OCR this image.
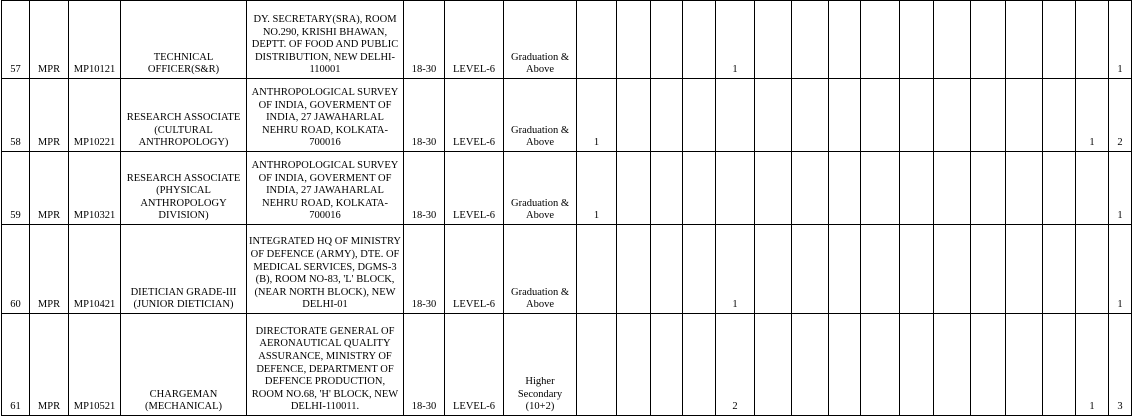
57	MPR	MP10121	TECHNICAL OFFICER(S&R)	DY. SECRETARY(SRA), ROOM NO.290, KRISHI BHAWAN, DEPTT. OF FOOD AND PUBLIC DISTRIBUTION, NEW DELHI-110001	18-30	LEVEL-6	Graduation & Above					1											1
58	MPR	MP10221	RESEARCH ASSOCIATE (CULTURAL ANTHROPOLOGY)	ANTHROPOLOGICAL SURVEY OF INDIA, GOVERMENT OF INDIA, 27 JAWAHARLAL NEHRU ROAD, KOLKATA-700016	18-30	LEVEL-6	Graduation & Above	1														1	2
59	MPR	MP10321	RESEARCH ASSOCIATE (PHYSICAL ANTHROPOLOGY DIVISION)	ANTHROPOLOGICAL SURVEY OF INDIA, GOVERMENT OF INDIA, 27 JAWAHARLAL NEHRU ROAD, KOLKATA-700016	18-30	LEVEL-6	Graduation & Above	1															1
60	MPR	MP10421	DIETICIAN GRADE-III (JUNIOR DIETICIAN)	INTEGRATED HQ OF MINISTRY OF DEFENCE (ARMY), DTE. OF MEDICAL SERVICES, DGMS-3 (B), ROOM NO-83, 'L' BLOCK, (NEAR NORTH BLOCK), NEW DELHI-01	18-30	LEVEL-6	Graduation & Above					1											1
61	MPR	MP10521	CHARGEMAN (MECHANICAL)	DIRECTORATE GENERAL OF AERONAUTICAL QUALITY ASSURANCE, MINISTRY OF DEFENCE, DEPARTMENT OF DEFENCE PRODUCTION, ROOM NO.68, 'H' BLOCK, NEW DELHI-110011.	18-30	LEVEL-6	Higher Secondary (10+2)					2										1	3
